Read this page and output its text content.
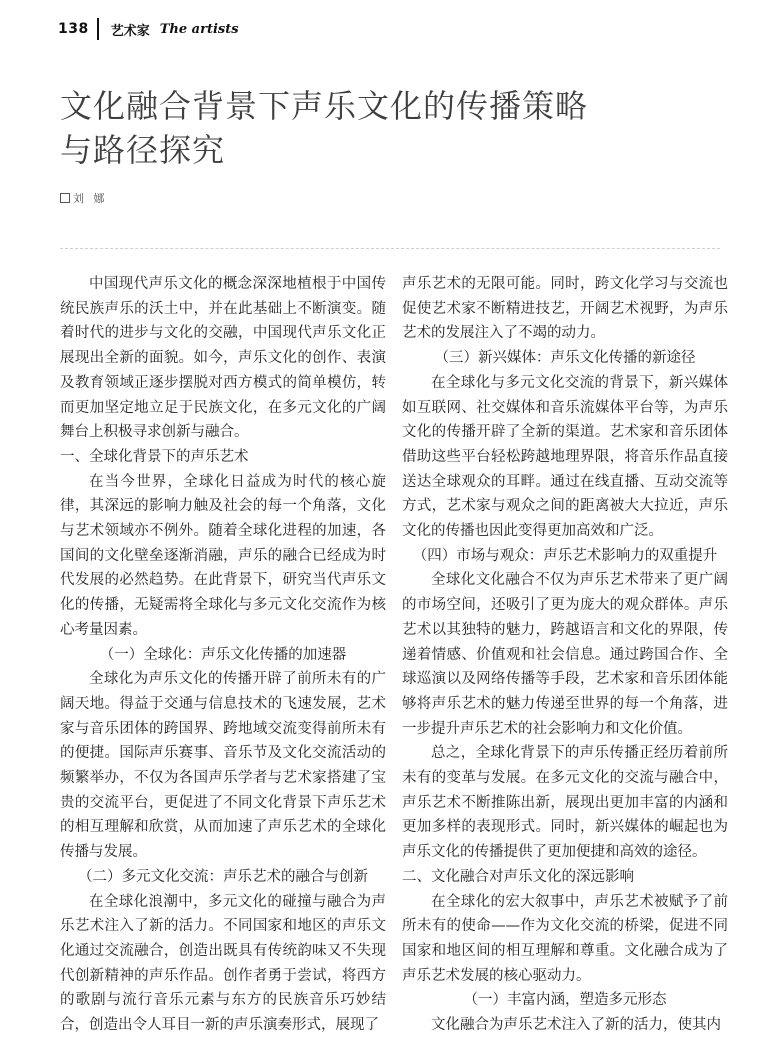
138 艺术家 The artists
文化融合背景下声乐文化的传播策略
与路径探究
刘 娜

中国现代声乐文化的概念深深地植根于中国传统民族声乐的沃土中，并在此基础上不断演变。随着时代的进步与文化的交融，中国现代声乐文化正展现出全新的面貌。如今，声乐文化的创作、表演及教育领域正逐步摆脱对西方模式的简单模仿，转而更加坚定地立足于民族文化，在多元文化的广阔舞台上积极寻求创新与融合。

一、全球化背景下的声乐艺术

在当今世界，全球化日益成为时代的核心旋律，其深远的影响力触及社会的每一个角落，文化与艺术领域亦不例外。随着全球化进程的加速，各国间的文化壁垒逐渐消融，声乐的融合已经成为时代发展的必然趋势。在此背景下，研究当代声乐文化的传播，无疑需将全球化与多元文化交流作为核心考量因素。

（一）全球化：声乐文化传播的加速器

全球化为声乐文化的传播开辟了前所未有的广阔天地。得益于交通与信息技术的飞速发展，艺术家与音乐团体的跨国界、跨地域交流变得前所未有的便捷。国际声乐赛事、音乐节及文化交流活动的频繁举办，不仅为各国声乐学者与艺术家搭建了宝贵的交流平台，更促进了不同文化背景下声乐艺术的相互理解和欣赏，从而加速了声乐艺术的全球化传播与发展。

（二）多元文化交流：声乐艺术的融合与创新

在全球化浪潮中，多元文化的碰撞与融合为声乐艺术注入了新的活力。不同国家和地区的声乐文化通过交流融合，创造出既具有传统韵味又不失现代创新精神的声乐作品。创作者勇于尝试，将西方的歌剧与流行音乐元素与东方的民族音乐巧妙结合，创造出令人耳目一新的声乐演奏形式，展现了

声乐艺术的无限可能。同时，跨文化学习与交流也促使艺术家不断精进技艺，开阔艺术视野，为声乐艺术的发展注入了不竭的动力。

（三）新兴媒体：声乐文化传播的新途径

在全球化与多元文化交流的背景下，新兴媒体如互联网、社交媒体和音乐流媒体平台等，为声乐文化的传播开辟了全新的渠道。艺术家和音乐团体借助这些平台轻松跨越地理界限，将音乐作品直接送达全球观众的耳畔。通过在线直播、互动交流等方式，艺术家与观众之间的距离被大大拉近，声乐文化的传播也因此变得更加高效和广泛。

（四）市场与观众：声乐艺术影响力的双重提升

全球化文化融合不仅为声乐艺术带来了更广阔的市场空间，还吸引了更为庞大的观众群体。声乐艺术以其独特的魅力，跨越语言和文化的界限，传递着情感、价值观和社会信息。通过跨国合作、全球巡演以及网络传播等手段，艺术家和音乐团体能够将声乐艺术的魅力传递至世界的每一个角落，进一步提升声乐艺术的社会影响力和文化价值。

总之，全球化背景下的声乐传播正经历着前所未有的变革与发展。在多元文化的交流与融合中，声乐艺术不断推陈出新，展现出更加丰富的内涵和更加多样的表现形式。同时，新兴媒体的崛起也为声乐文化的传播提供了更加便捷和高效的途径。

二、文化融合对声乐文化的深远影响

在全球化的宏大叙事中，声乐艺术被赋予了前所未有的使命——作为文化交流的桥梁，促进不同国家和地区间的相互理解和尊重。文化融合成为了声乐艺术发展的核心驱动力。

（一）丰富内涵，塑造多元形态

文化融合为声乐艺术注入了新的活力，使其内
